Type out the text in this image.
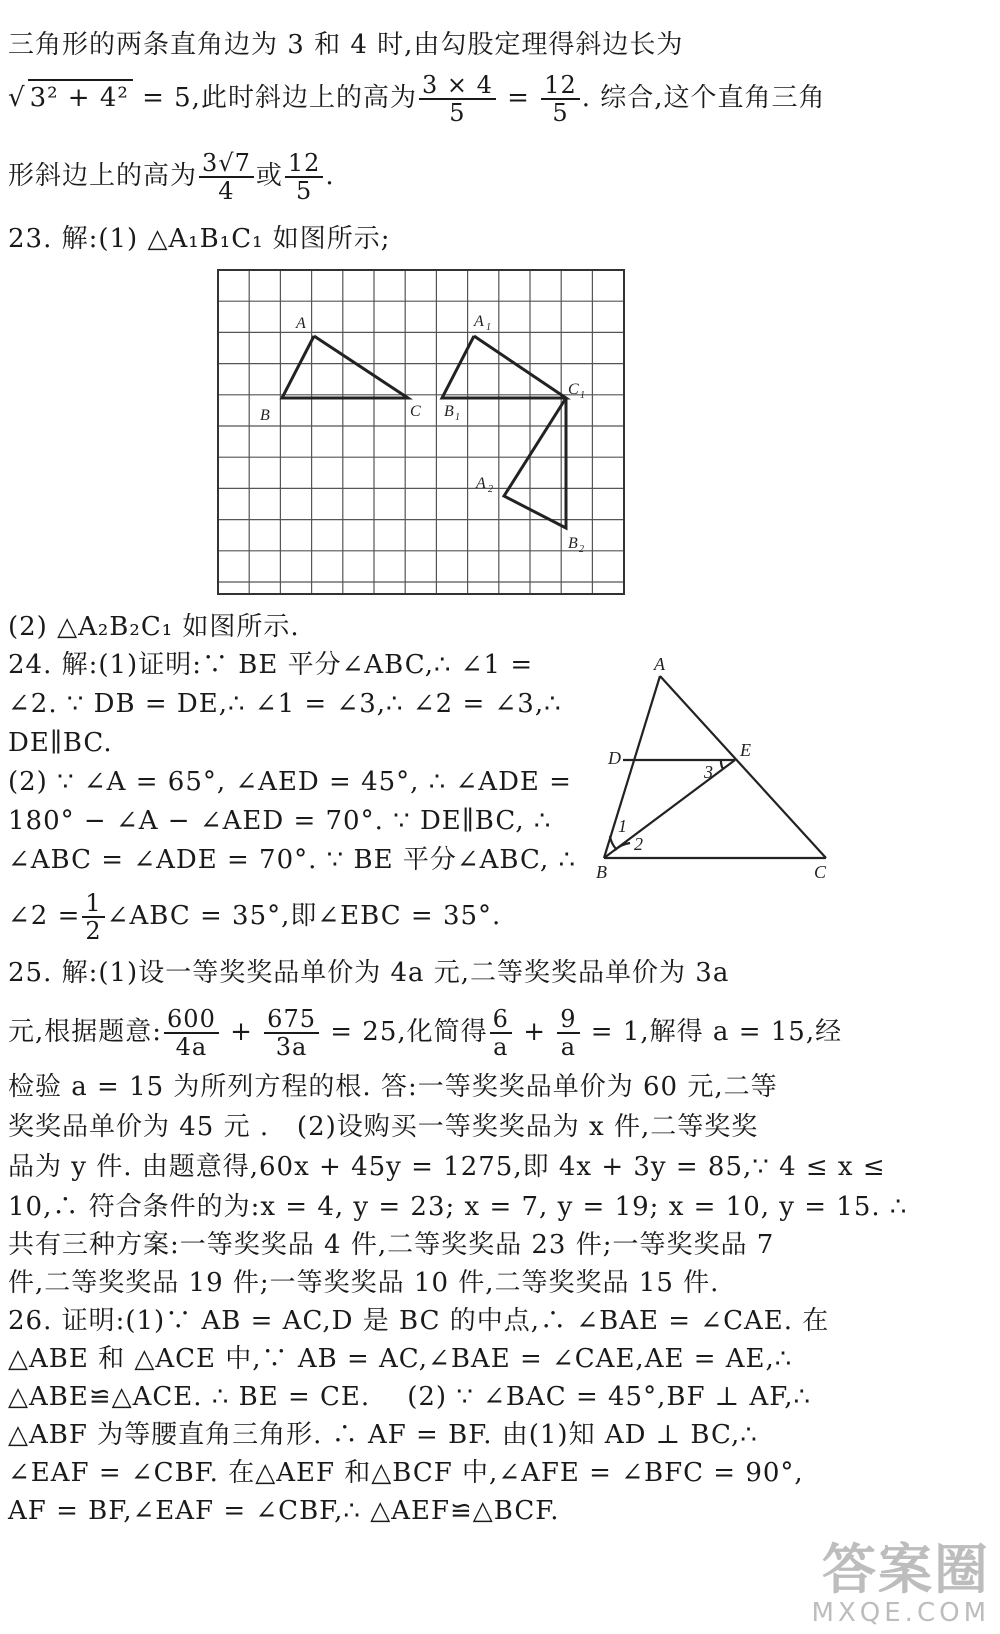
三角形的两条直角边为 3 和 4 时,由勾股定理得斜边长为
√ 3² + 4² = 5,此时斜边上的高为 $\frac{3 \times 4}{5} = \frac{12}{5}$ . 综合,这个直角三角
形斜边上的高为 $\frac{3√7}{4}$ 或 $\frac{12}{5}$ .
23. 解:(1) △A₁B₁C₁ 如图所示;
A
B	C
A 1
B 1
C 1
A 2
B 2
(2) △A₂B₂C₁ 如图所示.
24. 解:(1)证明:∵ BE 平分∠ABC,∴ ∠1 =
∠2. ∵ DB = DE,∴ ∠1 = ∠3,∴ ∠2 = ∠3,∴
DE∥BC.
(2) ∵ ∠A = 65°, ∠AED = 45°, ∴ ∠ADE =
180° − ∠A − ∠AED = 70°. ∵ DE∥BC, ∴
∠ABC = ∠ADE = 70°. ∵ BE 平分∠ABC, ∴
∠2 = $\frac{1}{2}$ ∠ABC = 35°,即∠EBC = 35°.
A
B	C
D	E
1
2
3
25. 解:(1)设一等奖奖品单价为 4a 元,二等奖奖品单价为 3a
元,根据题意: $\frac{600}{4a} + \frac{675}{3a} = 25$,化简得 $\frac{6}{a} + \frac{9}{a} = 1$,解得 a = 15,经
检验 a = 15 为所列方程的根. 答:一等奖奖品单价为 60 元,二等
奖奖品单价为 45 元 .   (2)设购买一等奖奖品为 x 件,二等奖奖
品为 y 件. 由题意得,60x + 45y = 1275,即 4x + 3y = 85,∵ 4 ≤ x ≤
10,∴ 符合条件的为:x = 4, y = 23; x = 7, y = 19; x = 10, y = 15. ∴
共有三种方案:一等奖奖品 4 件,二等奖奖品 23 件;一等奖奖品 7
件,二等奖奖品 19 件;一等奖奖品 10 件,二等奖奖品 15 件.
26. 证明:(1)∵ AB = AC,D 是 BC 的中点,∴ ∠BAE = ∠CAE. 在
△ABE 和 △ACE 中,∵ AB = AC,∠BAE = ∠CAE,AE = AE,∴
△ABE≌△ACE. ∴ BE = CE.    (2) ∵ ∠BAC = 45°,BF ⊥ AF,∴
△ABF 为等腰直角三角形. ∴ AF = BF. 由(1)知 AD ⊥ BC,∴
∠EAF = ∠CBF. 在△AEF 和△BCF 中,∠AFE = ∠BFC = 90°,
AF = BF,∠EAF = ∠CBF,∴ △AEF≌△BCF.
答案圈
MXQE.COM
